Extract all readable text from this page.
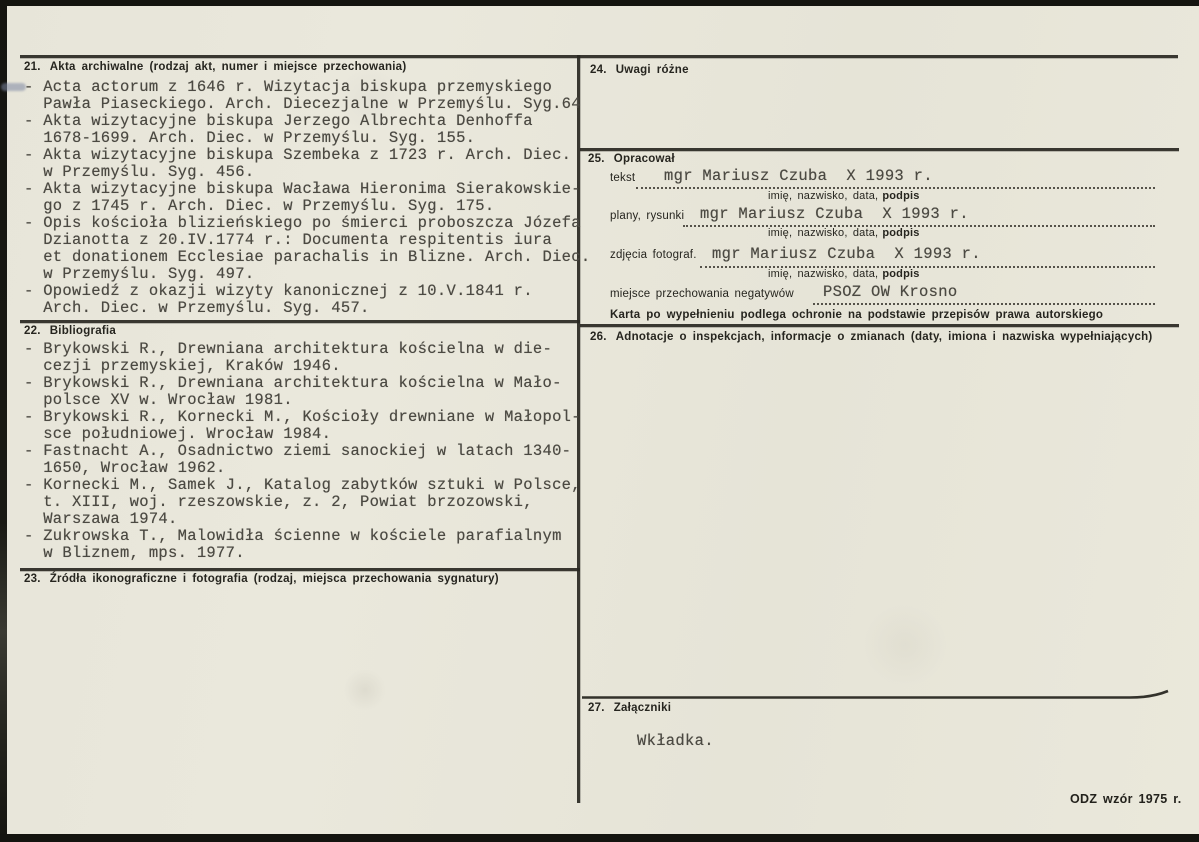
21. Akta archiwalne (rodzaj akt, numer i miejsce przechowania)
- Acta actorum z 1646 r. Wizytacja biskupa przemyskiego
Pawła Piaseckiego. Arch. Diecezjalne w Przemyślu. Syg.64
- Akta wizytacyjne biskupa Jerzego Albrechta Denhoffa
1678-1699. Arch. Diec. w Przemyślu. Syg. 155.
- Akta wizytacyjne biskupa Szembeka z 1723 r. Arch. Diec.
w Przemyślu. Syg. 456.
- Akta wizytacyjne biskupa Wacława Hieronima Sierakowskie-
go z 1745 r. Arch. Diec. w Przemyślu. Syg. 175.
- Opis kościoła blizieńskiego po śmierci proboszcza Józefa
Dzianotta z 20.IV.1774 r.: Documenta respitentis iura
et donationem Ecclesiae parachalis in Blizne. Arch. Diec.
w Przemyślu. Syg. 497.
- Opowiedź z okazji wizyty kanonicznej z 10.V.1841 r.
Arch. Diec. w Przemyślu. Syg. 457.
22. Bibliografia
- Brykowski R., Drewniana architektura kościelna w die-
cezji przemyskiej, Kraków 1946.
- Brykowski R., Drewniana architektura kościelna w Mało-
polsce XV w. Wrocław 1981.
- Brykowski R., Kornecki M., Kościoły drewniane w Małopol-
sce południowej. Wrocław 1984.
- Fastnacht A., Osadnictwo ziemi sanockiej w latach 1340-
1650, Wrocław 1962.
- Kornecki M., Samek J., Katalog zabytków sztuki w Polsce,
t. XIII, woj. rzeszowskie, z. 2, Powiat brzozowski,
Warszawa 1974.
- Zukrowska T., Malowidła ścienne w kościele parafialnym
w Bliznem, mps. 1977.
23. Źródła ikonograficzne i fotografia (rodzaj, miejsca przechowania sygnatury)
24. Uwagi różne
25. Opracował
tekst mgr Mariusz Czuba  X 1993 r.
imię, nazwisko, data, podpis
plany, rysunki mgr Mariusz Czuba  X 1993 r.
imię, nazwisko, data, podpis
zdjęcia fotograf. mgr Mariusz Czuba  X 1993 r.
imię, nazwisko, data, podpis
miejsce przechowania negatywów PSOZ OW Krosno
Karta po wypełnieniu podlega ochronie na podstawie przepisów prawa autorskiego
26. Adnotacje o inspekcjach, informacje o zmianach (daty, imiona i nazwiska wypełniających)
27. Załączniki
Wkładka.
ODZ wzór 1975 r.
